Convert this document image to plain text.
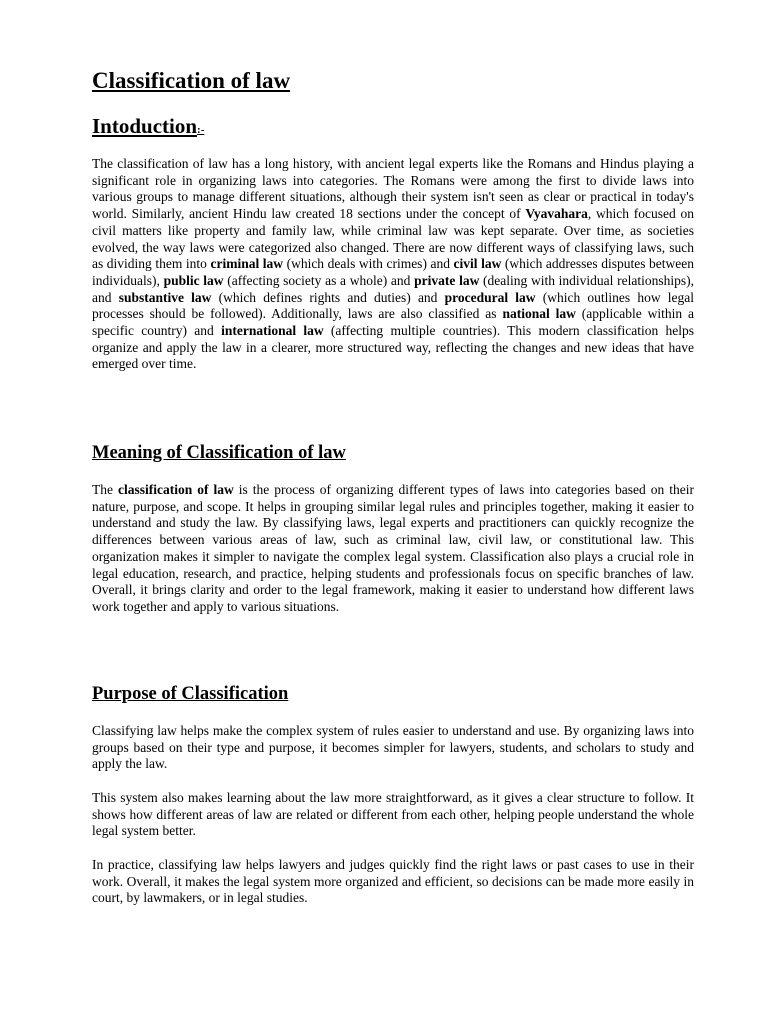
Classification of law
Intoduction:-

The classification of law has a long history, with ancient legal experts like the Romans and Hindus playing a significant role in organizing laws into categories. The Romans were among the first to divide laws into various groups to manage different situations, although their system isn't seen as clear or practical in today's world. Similarly, ancient Hindu law created 18 sections under the concept of Vyavahara, which focused on civil matters like property and family law, while criminal law was kept separate. Over time, as societies evolved, the way laws were categorized also changed. There are now different ways of classifying laws, such as dividing them into criminal law (which deals with crimes) and civil law (which addresses disputes between individuals), public law (affecting society as a whole) and private law (dealing with individual relationships), and substantive law (which defines rights and duties) and procedural law (which outlines how legal processes should be followed). Additionally, laws are also classified as national law (applicable within a specific country) and international law (affecting multiple countries). This modern classification helps organize and apply the law in a clearer, more structured way, reflecting the changes and new ideas that have emerged over time.

Meaning of Classification of law

The classification of law is the process of organizing different types of laws into categories based on their nature, purpose, and scope. It helps in grouping similar legal rules and principles together, making it easier to understand and study the law. By classifying laws, legal experts and practitioners can quickly recognize the differences between various areas of law, such as criminal law, civil law, or constitutional law. This organization makes it simpler to navigate the complex legal system. Classification also plays a crucial role in legal education, research, and practice, helping students and professionals focus on specific branches of law. Overall, it brings clarity and order to the legal framework, making it easier to understand how different laws work together and apply to various situations.

Purpose of Classification

Classifying law helps make the complex system of rules easier to understand and use. By organizing laws into groups based on their type and purpose, it becomes simpler for lawyers, students, and scholars to study and apply the law.

This system also makes learning about the law more straightforward, as it gives a clear structure to follow. It shows how different areas of law are related or different from each other, helping people understand the whole legal system better.

In practice, classifying law helps lawyers and judges quickly find the right laws or past cases to use in their work. Overall, it makes the legal system more organized and efficient, so decisions can be made more easily in court, by lawmakers, or in legal studies.
